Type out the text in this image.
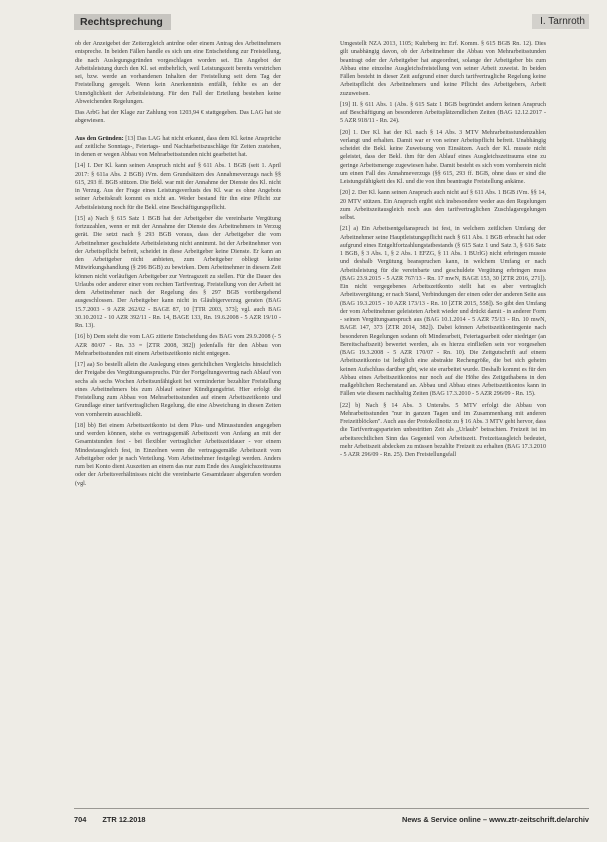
Rechtsprechung	I. Tarnroth

ob der Anzeigebet der Zeiterzgleich antrdne oder einem Antrag des Arbeitnehmers entspreche. In beiden Fällen handle es sich um eine Entscheidung zur Freistellung, die nach Auslegungsgründen vorgeschlagen worden sei. Ein Angebot der Arbeitsleistung durch den Kl. sei entbehrlich, weil Leistungszeit bereits verstrichen sei, bzw. werde an vorhandenen Inhalten der Freistellung seit dem Tag der Freistellung geregelt. Wenn kein Anerkenntnis entfällt, fehlte es an der Unmöglichkeit der Arbeitsleistung. Für den Fall der Erteilung bestehen keine Abweichenden Regelungen.

Das ArbG hat der Klage zur Zahlung von 1203,94 € stattgegeben. Das LAG hat sie abgewiesen.

Aus den Gründen: [13] Das LAG hat nicht erkannt, dass dem Kl. keine Ansprüche auf zeitliche Sonntags-, Feiertags- und Nachtarbeitszuschläge für Zeiten zustehen, in denen er wegen Abbau von Mehrarbeitsstunden nicht gearbeitet hat.

[14] I. Der Kl. kann seinen Anspruch nicht auf § 611 Abs. 1 BGB (seit 1. April 2017: § 611a Abs. 2 BGB) iVm. dem Grundsätzen des Annahmeverzugs nach §§ 615, 293 ff. BGB stützen. Die Bekl. war mit der Annahme der Dienste des Kl. nicht in Verzug. Aus der Frage eines Leistungsverlusts des Kl. war es ohne Angebots seiner Arbeitskraft kommt es nicht an. Weder bestand für ihn eine Pflicht zur Arbeitsleistung noch für die Bekl. eine Beschäftigungspflicht.

[15] a) Nach § 615 Satz 1 BGB hat der Arbeitgeber die vereinbarte Vergütung fortzuzahlen, wenn er mit der Annahme der Dienste des Arbeitnehmers in Verzug gerät. Die setzt nach § 293 BGB voraus, dass der Arbeitgeber die vom Arbeitnehmer geschuldete Arbeitsleistung nicht annimmt. Ist der Arbeitnehmer von der Arbeitspflicht befreit, scheidet in diese Arbeitgeber keine Dienste. Er kann an den Arbeitgeber nicht anbieten, zum Arbeitgeber obliegt keine Mitwirkungshandlung (§ 296 BGB) zu bewirken. Dem Arbeitnehmer in diesem Zeit können nicht vorläufigen Arbeitgeber zur Vertragszeit zu stellen. Für die Dauer des Urlaubs oder anderer einer vom rechten Tarifvertrag. Freistellung von der Arbeit ist dem Arbeitnehmer nach der Regelung des § 297 BGB vorübergehend ausgeschlossen. Der Arbeitgeber kann nicht in Gläubigerverzug geraten (BAG 15.7.2003 - 9 AZR 262/02 - BAGE 87, 10 [TTR 2003, 373]; vgl. auch BAG 30.10.2012 - 10 AZR 392/11 - Rn. 14, BAGE 133, Rn. 19.6.2008 - 5 AZR 19/10 - Rn. 13).

[16] b) Dem steht die vom LAG zitierte Entscheidung des BAG vom 29.9.2008 (- 5 AZR 80/07 - Rn. 33 = [ZTR 2008, 382]) jedenfalls für den Abbau von Mehrarbeitsstunden mit einem Arbeitszeitkonto nicht entgegen.

[17] aa) So bestellt allein die Auslegung eines gerichtlichen Vergleichs hinsichtlich der Freigabe des Vergütungsanspruchs. Für der Fortgeltungsvertrag nach Ablauf von sechs als sechs Wochen Arbeitsunfähigkeit bei verminderter bezahlter Freistellung eines Arbeitnehmers bis zum Ablauf seiner Kündigungsfrist. Hier erfolgt die Freistellung zum Abbau von Mehrarbeitsstunden auf einem Arbeitszeitkonto und Grundlage einer tarifvertraglichen Regelung, die eine Abweichung in diesen Zeiten von vornherein ausschließt.

[18] bb) Bei einem Arbeitszeitkonto ist dem Plus- und Minusstunden angegeben und werden können, stehe es vertragsgemäß Arbeitszeit von Anfang an mit der Gesamtstunden fest - bei flexibler vertraglicher Arbeitszeitdauer - vor einem Mindestausgleich fest, in Einzelnen wenn die vertragsgemäße Arbeitszeit vom Arbeitgeber oder je nach Verteilung. Vom Arbeitnehmer festgelegt werden. Anders rum bei Konto dient Auszeiten an einem das nur zum Ende des Ausgleichszeitraums oder der Arbeitsverhältnisses nicht die vereinbarte Gesamtdauer abgerufen worden (vgl.

Umgestellt NZA 2013, 1105; Kuhrberg in: Erf. Komm. § 615 BGB Rn. 12). Dies gilt unabhängig davon, ob der Arbeitnehmer die Abbau von Mehrarbeitsstunden beantragt oder der Arbeitgeber hat angeordnet, solange der Arbeitgeber bis zum Abbau eine einzelne Ausgleichsfreistellung von seiner Arbeit zuweist. In beiden Fällen besteht in dieser Zeit aufgrund einer durch tarifvertragliche Regelung keine Arbeitspflicht des Arbeitnehmers und keine Pflicht des Arbeitgebers, Arbeit zuzuweisen.

[19] II. § 611 Abs. 1 (Abs. § 615 Satz 1 BGB begründet andern keinen Anspruch auf Beschäftigung an besonderen Arbeitsplätzendlichen Zeiten (BAG 12.12.2017 - 5 AZR 918/11 - Rn. 24).

[20] 1. Der Kl. hat der Kl. nach § 14 Abs. 3 MTV Mehrarbeitsstundenzahlen verlangt und erhalten. Damit war er von seiner Arbeitspflicht befreit. Unabhängig scheidet die Bekl. keine Zuweisung von Einsätzen. Auch der Kl. musste nicht geleistet, dass der Bekl. ihm für den Ablauf eines Ausgleichszeitraums eine zu geringe Arbeitsmenge zugewiesen habe. Damit besteht es sich vom vornherein nicht um einen Fall des Annahmeverzugs (§§ 615, 293 ff. BGB, ohne dass er sind die Leistungsfähigkeit des Kl. und die von ihm beantragte Freistellung ankäme.

[20] 2. Der Kl. kann seinen Anspruch auch nicht auf § 611 Abs. 1 BGB iVm. §§ 14, 20 MTV stützen. Ein Anspruch ergibt sich insbesondere weder aus den Regelungen zum Arbeitszeitausgleich noch aus den tarifvertraglichen Zuschlagsregelungen selbst.

[21] a) Ein Arbeitsentgeltanspruch ist fest, in welchem zeitlichen Umfang der Arbeitnehmer seine Hauptleistungspflicht nach § 611 Abs. 1 BGB erbracht hat oder aufgrund eines Entgeltfortzahlungstatbestands (§ 615 Satz 1 und Satz 3, § 616 Satz 1 BGB, § 3 Abs. 1, § 2 Abs. 1 EFZG, § 11 Abs. 1 BUrlG) nicht erbringen musste und deshalb Vergütung beanspruchen kann, in welchem Umfang er nach Arbeitsleistung für die vereinbarte und geschuldete Vergütung erbringen muss (BAG 23.9.2015 - 5 AZR 767/13 - Rn. 17 mwN, BAGE 153, 30 [ZTR 2016, 271]). Ein nicht vergegebenes Arbeitszeitkonto stellt hat es aber vertraglich Arbeitsvergütung; er nach Stand, Verbindungen der einen oder der anderen Seite aus (BAG 19.3.2015 - 10 AZR 173/13 - Rn. 10 [ZTR 2015, 558]). So gibt den Umfang der vom Arbeitnehmer geleisteten Arbeit wieder und drückt damit - in anderer Form - seinen Vergütungsanspruch aus (BAG 10.1.2014 - 5 AZR 75/13 - Rn. 10 mwN, BAGE 147, 373 [ZTR 2014, 382]). Dabei können Arbeitszeitkontingente nach besonderen Regelungen sodann oft Minderarbeit, Feiertagsarbeit oder niedriger (an Bereitschaftszeit) bewertet werden, als es hierzu einfließen sein vor vorgesehen (BAG 19.3.2008 - 5 AZR 170/07 - Rn. 10). Die Zeitgutschrift auf einem Arbeitszeitkonto ist lediglich eine abstrakte Rechengröße, die bei sich geheim keinen Aufschluss darüber gibt, wie sie erarbeitet wurde. Deshalb kommt es für den Abbau eines Arbeitszeitkontos nur noch auf die Höhe des Zeitguthabens in den maßgeblichen Rechenstand an. Abbau und Abbau eines Arbeitszeitkontos kann in Fällen wie diesem nachhaltig Zeiten (BAG 17.3.2010 - 5 AZR 296/09 - Rn. 15).

[22] b) Nach § 14 Abs. 3 Unterabs. 5 MTV erfolgt die Abbau von Mehrarbeitsstunden "nur in ganzen Tagen und im Zusammenhang mit anderen Freizeitblöcken". Auch aus der Protokollnotiz zu § 16 Abs. 3 MTV geht hervor, dass die Tarifvertragsparteien unbestritten Zeit als „Urlaub" betrachten. Freizeit ist im arbeitsrechtlichen Sinn das Gegenteil von Arbeitszeit. Freizeitausgleich bedeutet, mehr Arbeitszeit abdecken zu müssen bezahlte Freizeit zu erhalten (BAG 17.3.2010 - 5 AZR 296/09 - Rn. 25). Den Freistellungsfall

704 ZTR 12.2018	News & Service online – www.ztr-zeitschrift.de/archiv
